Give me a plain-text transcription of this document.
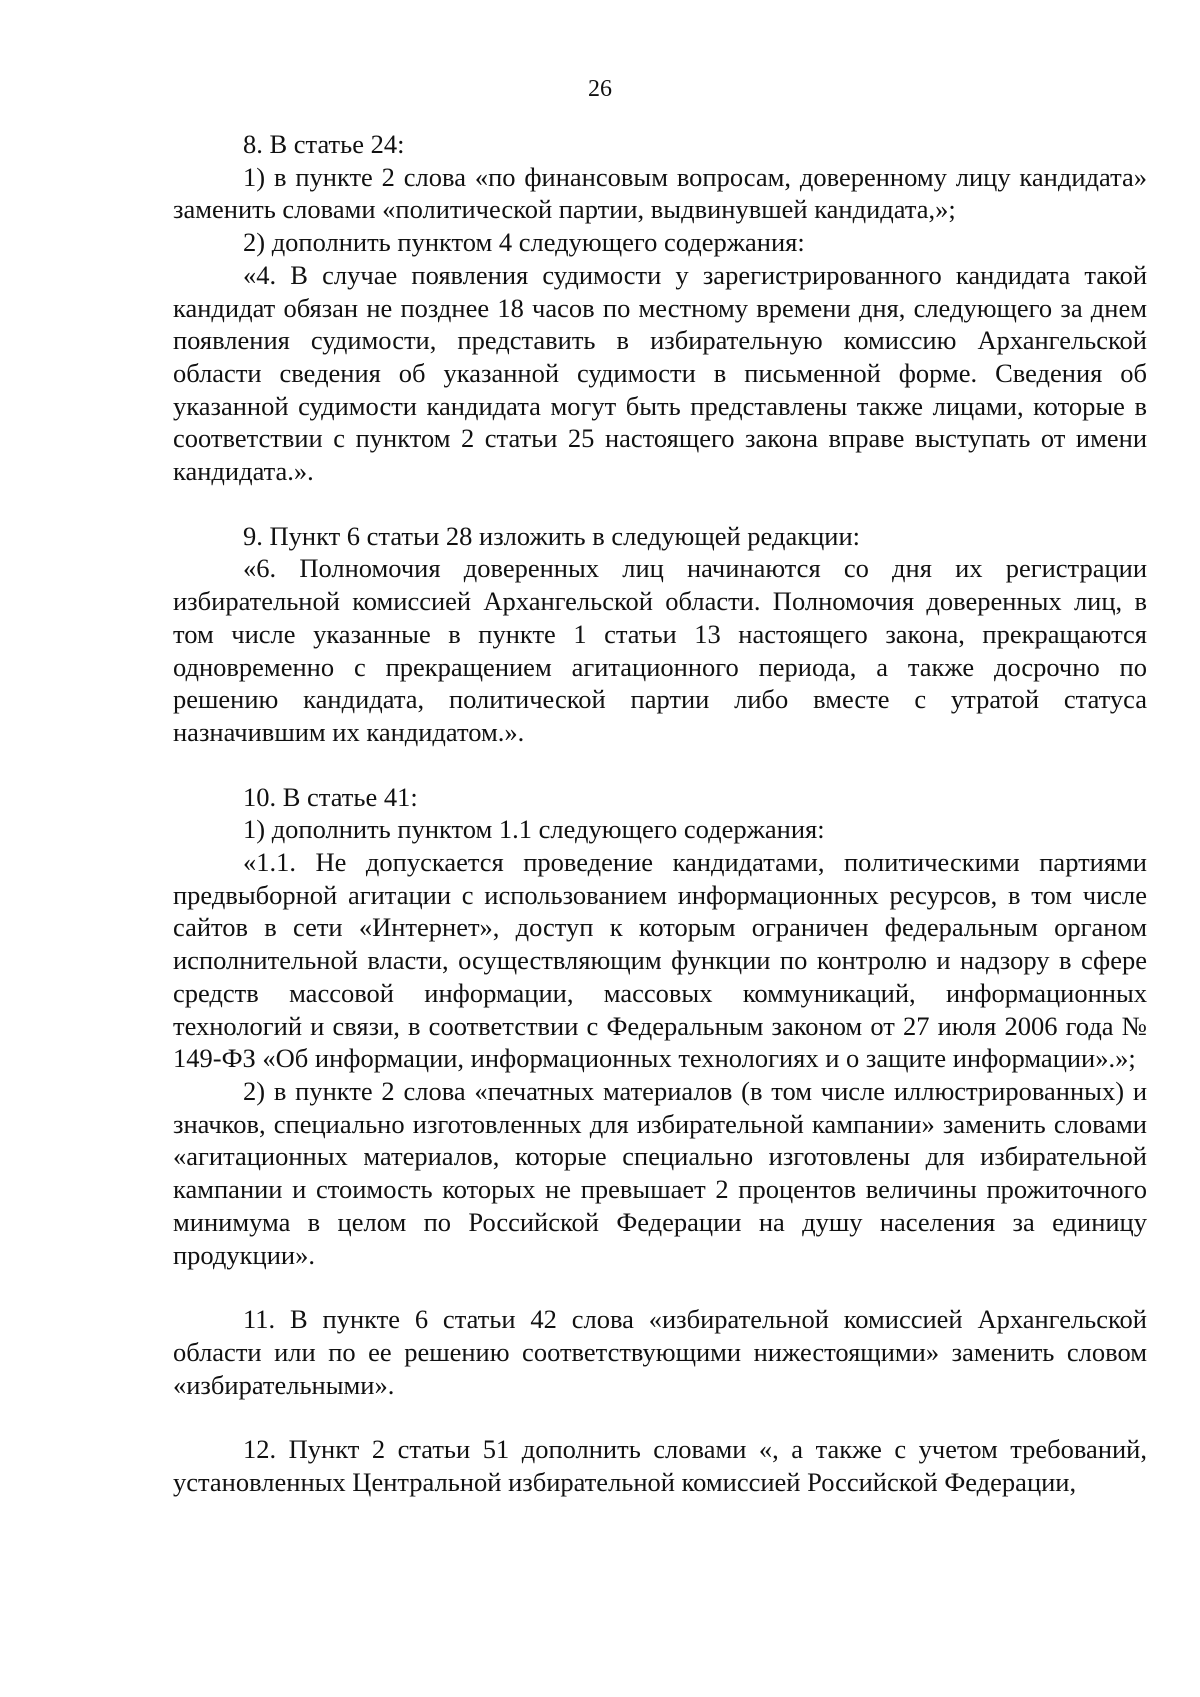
26

8. В статье 24:

1) в пункте 2 слова «по финансовым вопросам, доверенному лицу кандидата» заменить словами «политической партии, выдвинувшей кандидата,»;

2) дополнить пунктом 4 следующего содержания:

«4. В случае появления судимости у зарегистрированного кандидата такой кандидат обязан не позднее 18 часов по местному времени дня, следующего за днем появления судимости, представить в избирательную комиссию Архангельской области сведения об указанной судимости в письменной форме. Сведения об указанной судимости кандидата могут быть представлены также лицами, которые в соответствии с пунктом 2 статьи 25 настоящего закона вправе выступать от имени кандидата.».

9. Пункт 6 статьи 28 изложить в следующей редакции:

«6. Полномочия доверенных лиц начинаются со дня их регистрации избирательной комиссией Архангельской области. Полномочия доверенных лиц, в том числе указанные в пункте 1 статьи 13 настоящего закона, прекращаются одновременно с прекращением агитационного периода, а также досрочно по решению кандидата, политической партии либо вместе с утратой статуса назначившим их кандидатом.».

10. В статье 41:

1) дополнить пунктом 1.1 следующего содержания:

«1.1. Не допускается проведение кандидатами, политическими партиями предвыборной агитации с использованием информационных ресурсов, в том числе сайтов в сети «Интернет», доступ к которым ограничен федеральным органом исполнительной власти, осуществляющим функции по контролю и надзору в сфере средств массовой информации, массовых коммуникаций, информационных технологий и связи, в соответствии с Федеральным законом от 27 июля 2006 года № 149-ФЗ «Об информации, информационных технологиях и о защите информации».»;

2) в пункте 2 слова «печатных материалов (в том числе иллюстрированных) и значков, специально изготовленных для избирательной кампании» заменить словами «агитационных материалов, которые специально изготовлены для избирательной кампании и стоимость которых не превышает 2 процентов величины прожиточного минимума в целом по Российской Федерации на душу населения за единицу продукции».

11. В пункте 6 статьи 42 слова «избирательной комиссией Архангельской области или по ее решению соответствующими нижестоящими» заменить словом «избирательными».

12. Пункт 2 статьи 51 дополнить словами «, а также с учетом требований, установленных Центральной избирательной комиссией Российской Федерации,
